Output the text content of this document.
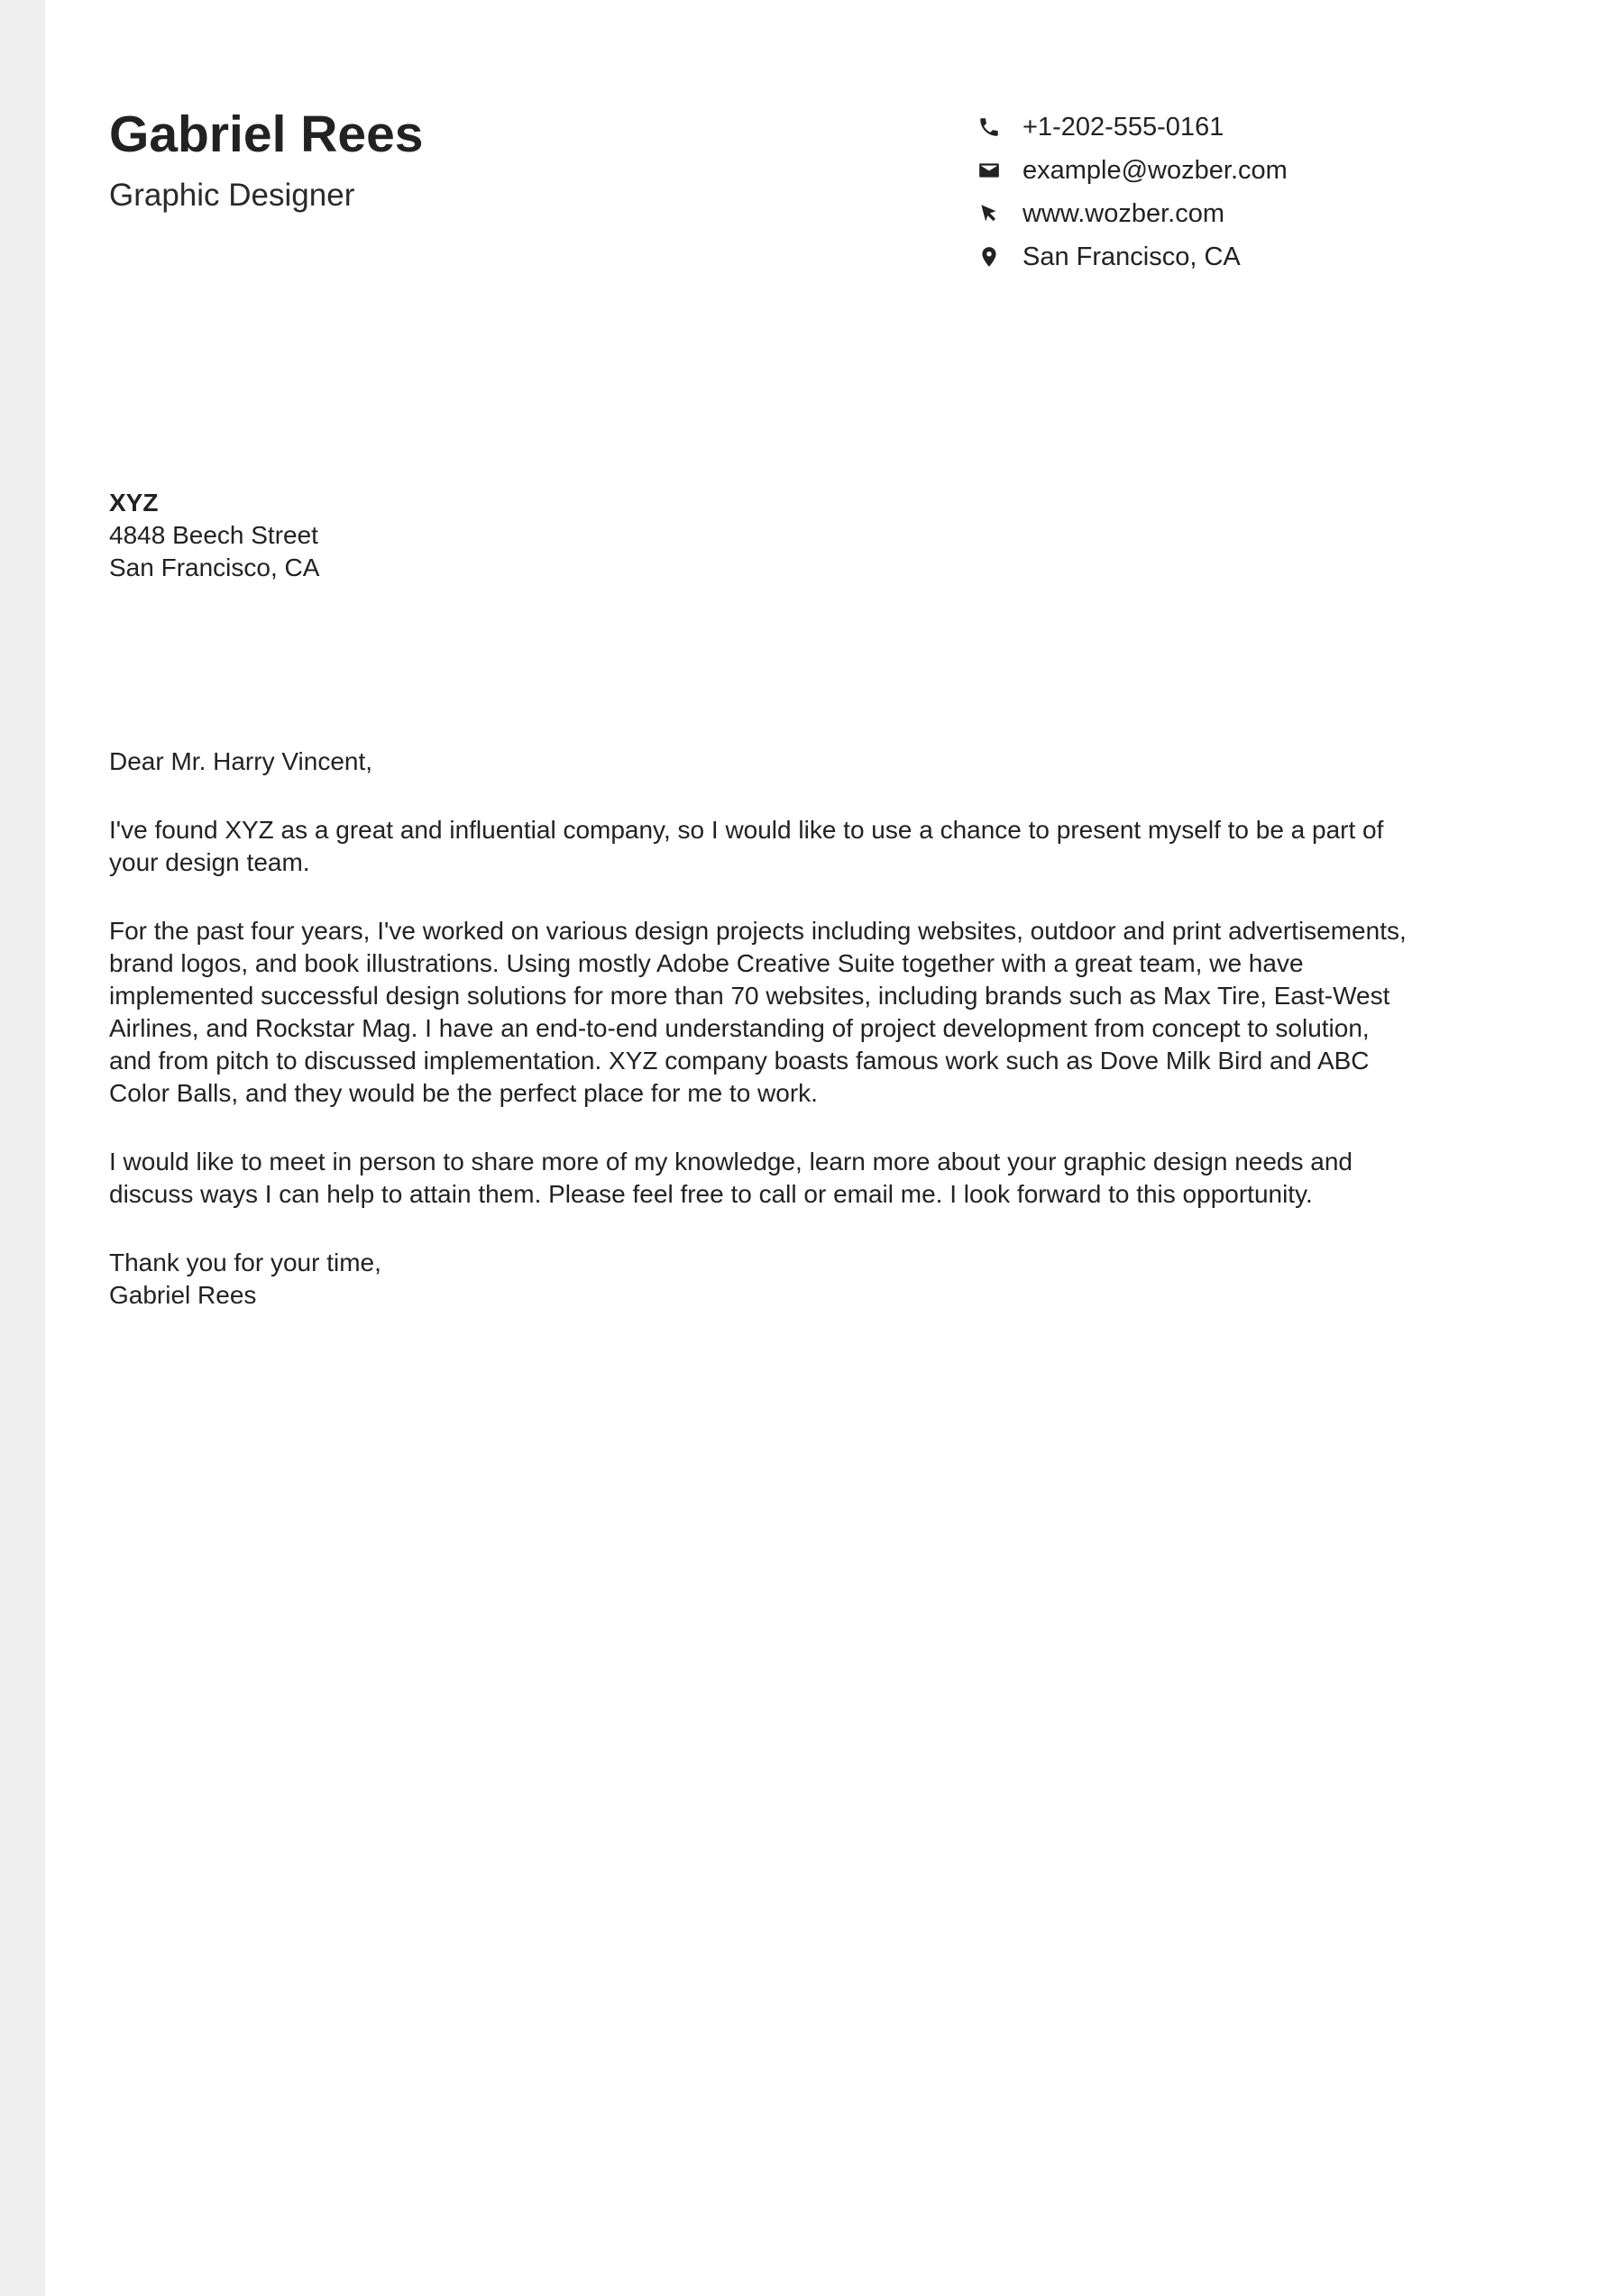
Gabriel Rees
Graphic Designer
+1-202-555-0161
example@wozber.com
www.wozber.com
San Francisco, CA
XYZ
4848 Beech Street
San Francisco, CA

Dear Mr. Harry Vincent,

I've found XYZ as a great and influential company, so I would like to use a chance to present myself to be a part of your design team.

For the past four years, I've worked on various design projects including websites, outdoor and print advertisements, brand logos, and book illustrations. Using mostly Adobe Creative Suite together with a great team, we have implemented successful design solutions for more than 70 websites, including brands such as Max Tire, East-West Airlines, and Rockstar Mag. I have an end-to-end understanding of project development from concept to solution, and from pitch to discussed implementation. XYZ company boasts famous work such as Dove Milk Bird and ABC Color Balls, and they would be the perfect place for me to work.

I would like to meet in person to share more of my knowledge, learn more about your graphic design needs and discuss ways I can help to attain them. Please feel free to call or email me. I look forward to this opportunity.

Thank you for your time,
Gabriel Rees
